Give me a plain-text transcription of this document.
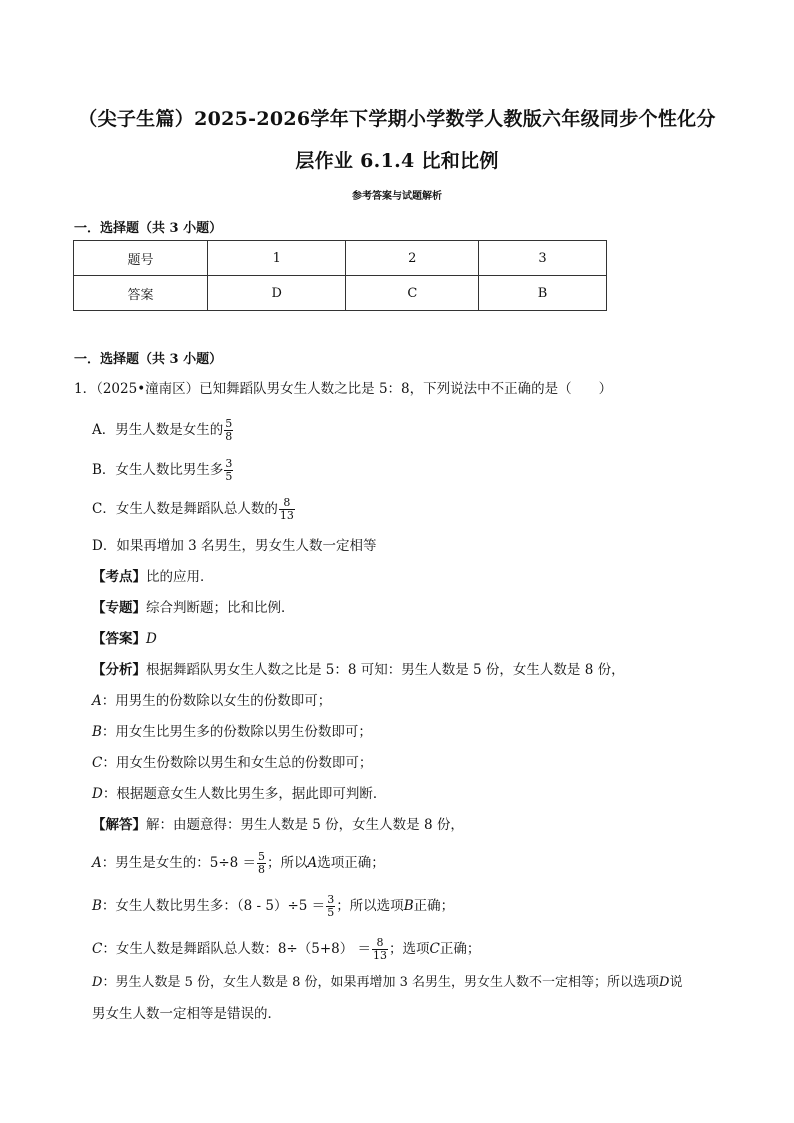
（尖子生篇）2025-2026学年下学期小学数学人教版六年级同步个性化分
层作业 6.1.4 比和比例
参考答案与试题解析
一．选择题（共 3 小题）
题号	1	2	3
答案	D	C	B
一．选择题（共 3 小题）
1．（2025•潼南区）已知舞蹈队男女生人数之比是 5：8，下列说法中不正确的是（　　）
A．男生人数是女生的 $\frac{5}{8}$
B．女生人数比男生多 $\frac{3}{5}$
C．女生人数是舞蹈队总人数的 $\frac{8}{13}$
D．如果再增加 3 名男生，男女生人数一定相等
【考点】比的应用．
【专题】综合判断题；比和比例．
【答案】D
【分析】根据舞蹈队男女生人数之比是 5：8 可知：男生人数是 5 份，女生人数是 8 份，
A：用男生的份数除以女生的份数即可；
B：用女生比男生多的份数除以男生份数即可；
C：用女生份数除以男生和女生总的份数即可；
D：根据题意女生人数比男生多，据此即可判断．
【解答】解：由题意得：男生人数是 5 份，女生人数是 8 份，
A：男生是女生的：$5\div 8 = \frac{5}{8}$ ；所以A选项正确；
B：女生人数比男生多：$(8 - 5)\div 5 = \frac{3}{5}$ ；所以选项B正确；
C：女生人数是舞蹈队总人数：$8\div(5+8) = \frac{8}{13}$ ；选项C正确；
D：男生人数是 5 份，女生人数是 8 份，如果再增加 3 名男生，男女生人数不一定相等；所以选项D说
男女生人数一定相等是错误的．
